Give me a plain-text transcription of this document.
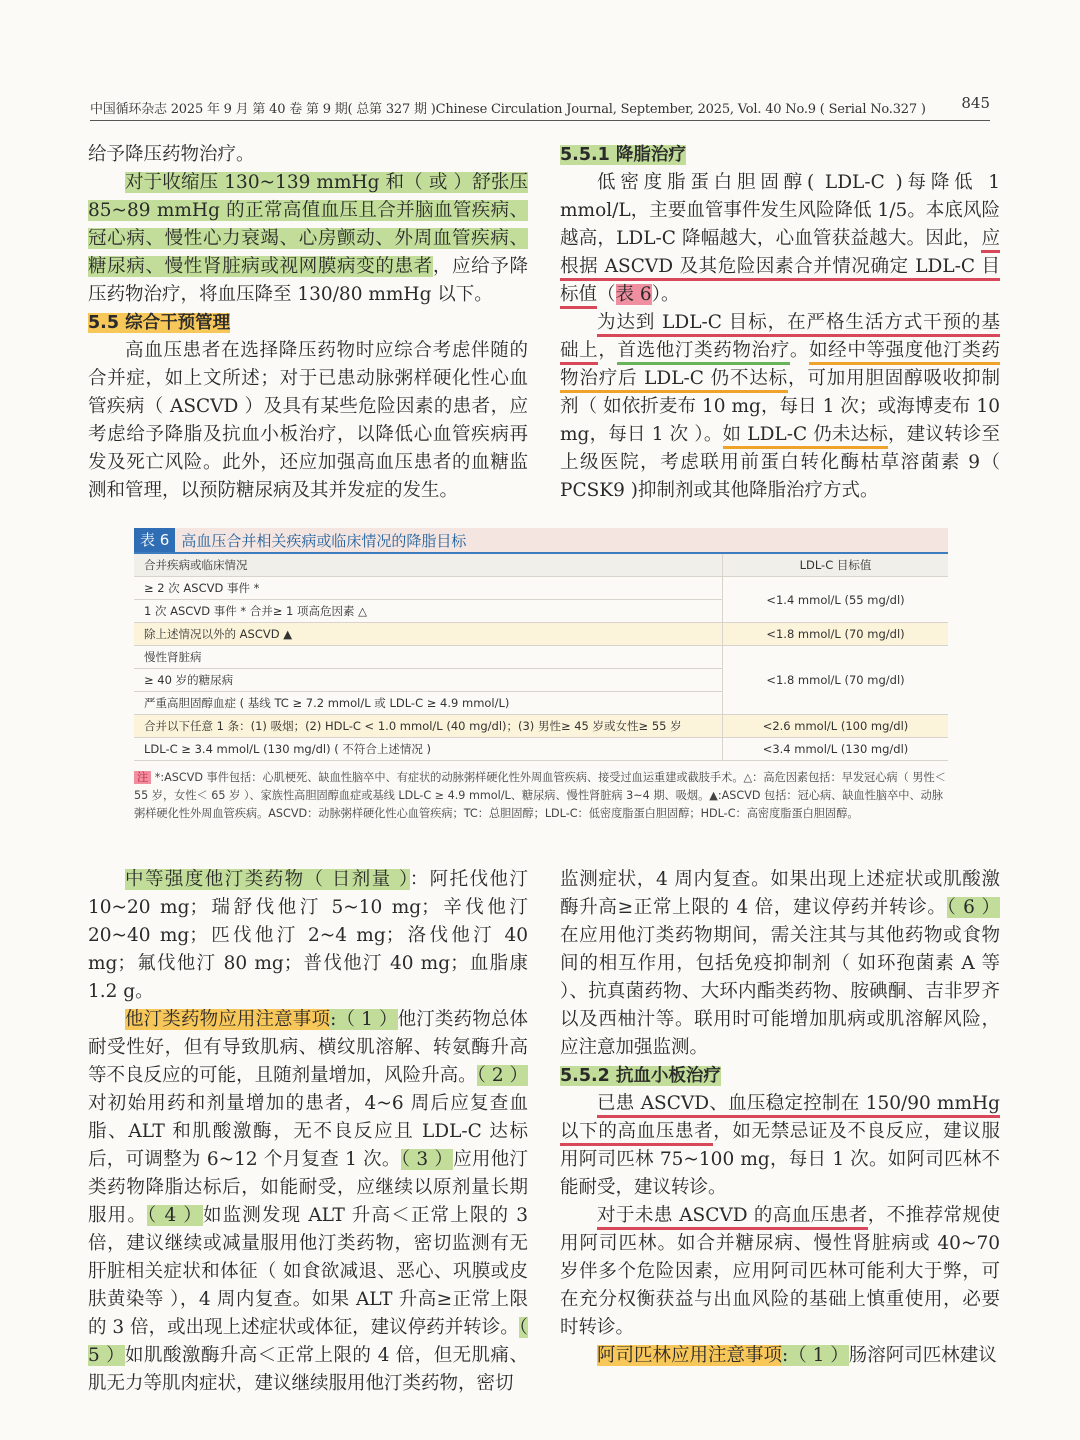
中国循环杂志 2025 年 9 月 第 40 卷 第 9 期( 总第 327 期 )Chinese Circulation Journal, September, 2025, Vol. 40 No.9 ( Serial No.327 ) 845

给予降压药物治疗。

对于收缩压 130~139 mmHg 和（ 或 ）舒张压 85~89 mmHg 的正常高值血压且合并脑血管疾病、冠心病、慢性心力衰竭、心房颤动、外周血管疾病、糖尿病、慢性肾脏病或视网膜病变的患者，应给予降压药物治疗，将血压降至 130/80 mmHg 以下。

5.5 综合干预管理

高血压患者在选择降压药物时应综合考虑伴随的合并症，如上文所述；对于已患动脉粥样硬化性心血管疾病（ ASCVD ）及具有某些危险因素的患者，应考虑给予降脂及抗血小板治疗，以降低心血管疾病再发及死亡风险。此外，还应加强高血压患者的血糖监测和管理，以预防糖尿病及其并发症的发生。

5.5.1 降脂治疗

低密度脂蛋白胆固醇( LDL-C )每降低 1 mmol/L，主要血管事件发生风险降低 1/5。本底风险越高，LDL-C 降幅越大，心血管获益越大。因此，应根据 ASCVD 及其危险因素合并情况确定 LDL-C 目标值（表 6）。

为达到 LDL-C 目标，在严格生活方式干预的基础上，首选他汀类药物治疗。如经中等强度他汀类药物治疗后 LDL-C 仍不达标，可加用胆固醇吸收抑制剂（ 如依折麦布 10 mg，每日 1 次；或海博麦布 10 mg，每日 1 次 ）。如 LDL-C 仍未达标，建议转诊至上级医院，考虑联用前蛋白转化酶枯草溶菌素 9（ PCSK9 )抑制剂或其他降脂治疗方式。

表 6 高血压合并相关疾病或临床情况的降脂目标
合并疾病或临床情况	LDL-C 目标值
≥ 2 次 ASCVD 事件 *	<1.4 mmol/L (55 mg/dl)
1 次 ASCVD 事件 * 合并≥ 1 项高危因素 △	
除上述情况以外的 ASCVD ▲	<1.8 mmol/L (70 mg/dl)
慢性肾脏病	<1.8 mmol/L (70 mg/dl)
≥ 40 岁的糖尿病	
严重高胆固醇血症 ( 基线 TC ≥ 7.2 mmol/L 或 LDL-C ≥ 4.9 mmol/L)	
合并以下任意 1 条：(1) 吸烟；(2) HDL-C < 1.0 mmol/L (40 mg/dl)；(3) 男性≥ 45 岁或女性≥ 55 岁	<2.6 mmol/L (100 mg/dl)
LDL-C ≥ 3.4 mmol/L (130 mg/dl) ( 不符合上述情况 )	<3.4 mmol/L (130 mg/dl)
注 *:ASCVD 事件包括：心肌梗死、缺血性脑卒中、有症状的动脉粥样硬化性外周血管疾病、接受过血运重建或截肢手术。△：高危因素包括：早发冠心病（ 男性＜ 55 岁，女性＜ 65 岁 ）、家族性高胆固醇血症或基线 LDL-C ≥ 4.9 mmol/L、糖尿病、慢性肾脏病 3~4 期、吸烟。▲:ASCVD 包括：冠心病、缺血性脑卒中、动脉粥样硬化性外周血管疾病。ASCVD：动脉粥样硬化性心血管疾病；TC：总胆固醇；LDL-C：低密度脂蛋白胆固醇；HDL-C：高密度脂蛋白胆固醇。

中等强度他汀类药物（ 日剂量 ）：阿托伐他汀 10~20 mg；瑞舒伐他汀 5~10 mg；辛伐他汀 20~40 mg；匹伐他汀 2~4 mg；洛伐他汀 40 mg；氟伐他汀 80 mg；普伐他汀 40 mg；血脂康 1.2 g。

他汀类药物应用注意事项:（ 1 ）他汀类药物总体耐受性好，但有导致肌病、横纹肌溶解、转氨酶升高等不良反应的可能，且随剂量增加，风险升高。（ 2 ）对初始用药和剂量增加的患者，4~6 周后应复查血脂、ALT 和肌酸激酶，无不良反应且 LDL-C 达标后，可调整为 6~12 个月复查 1 次。（ 3 ）应用他汀类药物降脂达标后，如能耐受，应继续以原剂量长期服用。（ 4 ）如监测发现 ALT 升高＜正常上限的 3 倍，建议继续或减量服用他汀类药物，密切监测有无肝脏相关症状和体征（ 如食欲减退、恶心、巩膜或皮肤黄染等 ），4 周内复查。如果 ALT 升高≥正常上限的 3 倍，或出现上述症状或体征，建议停药并转诊。（ 5 ）如肌酸激酶升高＜正常上限的 4 倍，但无肌痛、肌无力等肌肉症状，建议继续服用他汀类药物，密切

监测症状，4 周内复查。如果出现上述症状或肌酸激酶升高≥正常上限的 4 倍，建议停药并转诊。（ 6 ）在应用他汀类药物期间，需关注其与其他药物或食物间的相互作用，包括免疫抑制剂（ 如环孢菌素 A 等 ）、抗真菌药物、大环内酯类药物、胺碘酮、吉非罗齐以及西柚汁等。联用时可能增加肌病或肌溶解风险，应注意加强监测。

5.5.2 抗血小板治疗

已患 ASCVD、血压稳定控制在 150/90 mmHg 以下的高血压患者，如无禁忌证及不良反应，建议服用阿司匹林 75~100 mg，每日 1 次。如阿司匹林不能耐受，建议转诊。

对于未患 ASCVD 的高血压患者，不推荐常规使用阿司匹林。如合并糖尿病、慢性肾脏病或 40~70 岁伴多个危险因素，应用阿司匹林可能利大于弊，可在充分权衡获益与出血风险的基础上慎重使用，必要时转诊。

阿司匹林应用注意事项:（ 1 ）肠溶阿司匹林建议
